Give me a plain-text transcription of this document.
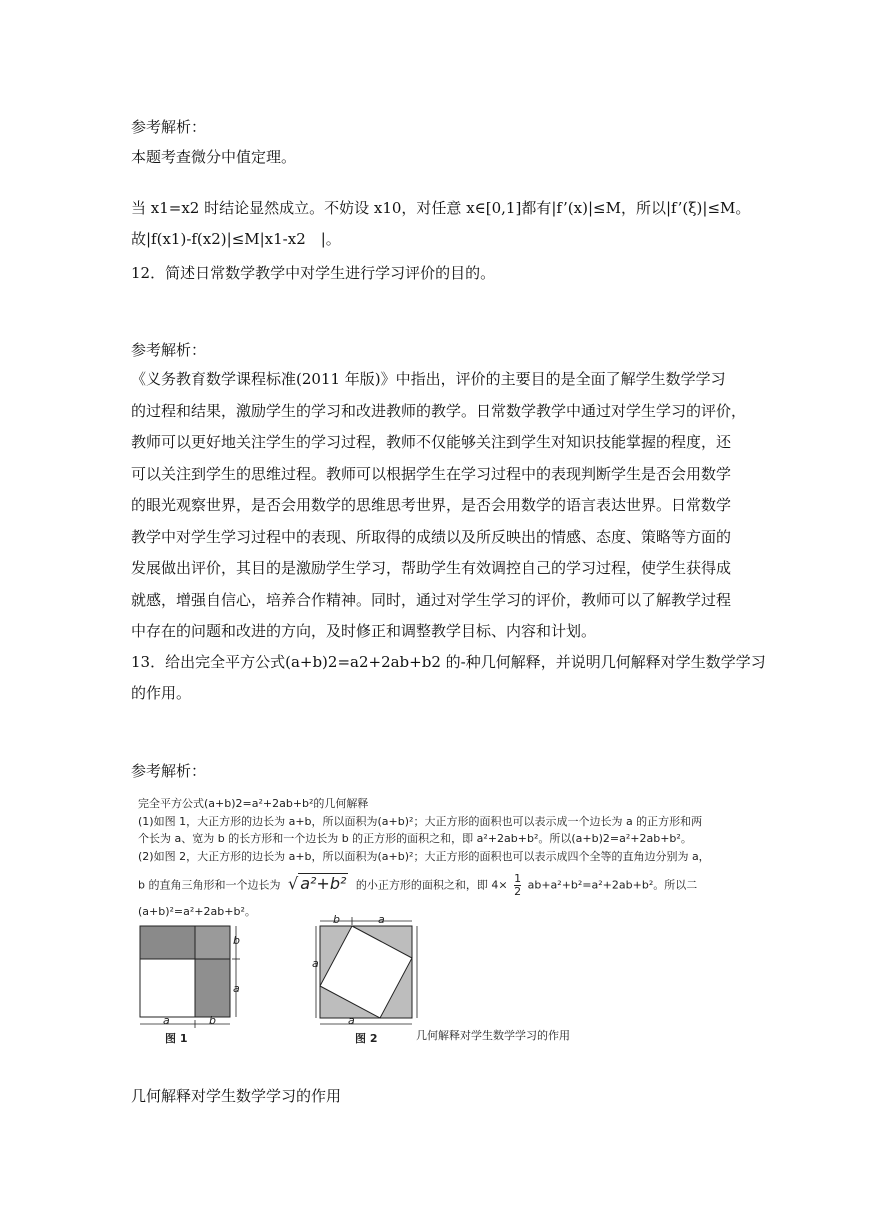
参考解析：
本题考查微分中值定理。
当 x1=x2 时结论显然成立。不妨设 x10，对任意 x∈[0,1]都有|f’(x)|≤M，所以|f’(ξ)|≤M。
故|f(x1)-f(x2)|≤M|x1-x2　|。
12．简述日常数学教学中对学生进行学习评价的目的。
参考解析：
《义务教育数学课程标准(2011 年版)》中指出，评价的主要目的是全面了解学生数学学习
的过程和结果，激励学生的学习和改进教师的教学。日常数学教学中通过对学生学习的评价，
教师可以更好地关注学生的学习过程，教师不仅能够关注到学生对知识技能掌握的程度，还
可以关注到学生的思维过程。教师可以根据学生在学习过程中的表现判断学生是否会用数学
的眼光观察世界，是否会用数学的思维思考世界，是否会用数学的语言表达世界。日常数学
教学中对学生学习过程中的表现、所取得的成绩以及所反映出的情感、态度、策略等方面的
发展做出评价，其目的是激励学生学习，帮助学生有效调控自己的学习过程，使学生获得成
就感，增强自信心，培养合作精神。同时，通过对学生学习的评价，教师可以了解教学过程
中存在的问题和改进的方向，及时修正和调整教学目标、内容和计划。
13．给出完全平方公式(a+b)2=a2+2ab+b2 的-种几何解释，并说明几何解释对学生数学学习
的作用。
参考解析：
完全平方公式(a+b)2=a²+2ab+b²的几何解释
(1)如图 1，大正方形的边长为 a+b，所以面积为(a+b)²；大正方形的面积也可以表示成一个边长为 a 的正方形和两
个长为 a、宽为 b 的长方形和一个边长为 b 的正方形的面积之和，即 a²+2ab+b²。所以(a+b)2=a²+2ab+b²。
(2)如图 2，大正方形的边长为 a+b，所以面积为(a+b)²；大正方形的面积也可以表示成四个全等的直角边分别为 a，
b 的直角三角形和一个边长为 √ a²+b² 的小正方形的面积之和，即 $4\times \frac{1}{2} ab+a^2+b^2=a^2+2ab+b^2$。所以二
(a+b)²=a²+2ab+b²。
b
a
a	b
b	a
a
a
图 1	图 2	几何解释对学生数学学习的作用
几何解释对学生数学学习的作用
